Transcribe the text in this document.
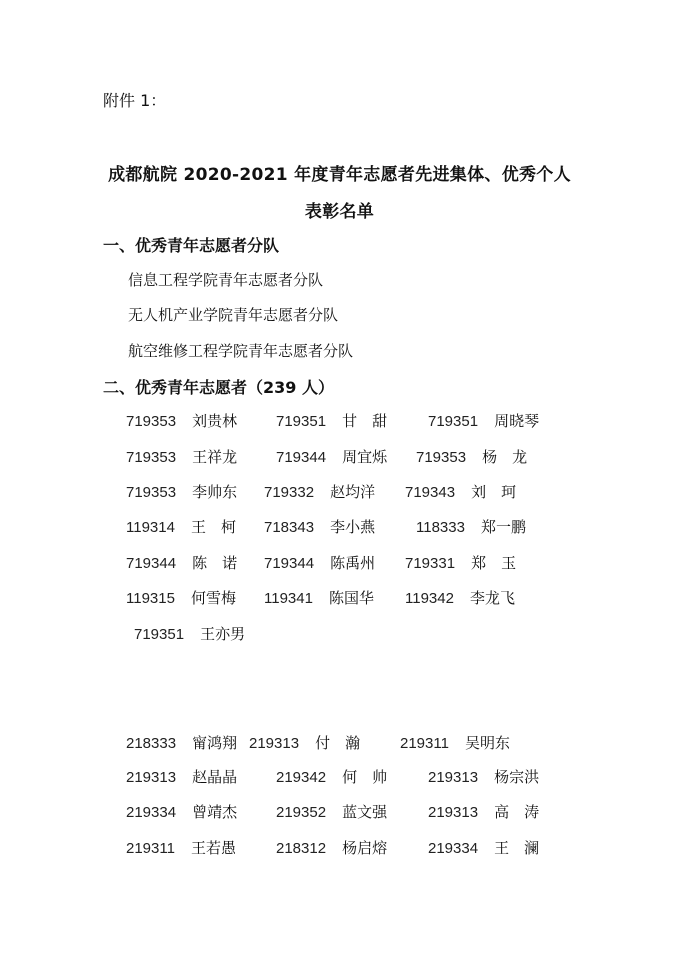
附件 1：
成都航院 2020-2021 年度青年志愿者先进集体、优秀个人
表彰名单
一、优秀青年志愿者分队
信息工程学院青年志愿者分队
无人机产业学院青年志愿者分队
航空维修工程学院青年志愿者分队
二、优秀青年志愿者（239 人）
719353 刘贵林	719351 甘　甜	719351 周晓琴
719353 王祥龙	719344 周宜烁 719353 杨　龙
719353 李帅东 719332 赵均洋 719343 刘　珂
119314 王　柯 718343 李小燕	118333 郑一鹏
719344 陈　诺 719344 陈禹州 719331 郑　玉
119315 何雪梅 119341 陈国华 119342 李龙飞
719351 王亦男
218333 甯鸿翔 219313 付　瀚	219311 吴明东
219313 赵晶晶	219342 何　帅	219313 杨宗洪
219334 曾靖杰	219352 蓝文强	219313 高　涛
219311 王若愚	218312 杨启熔	219334 王　澜
